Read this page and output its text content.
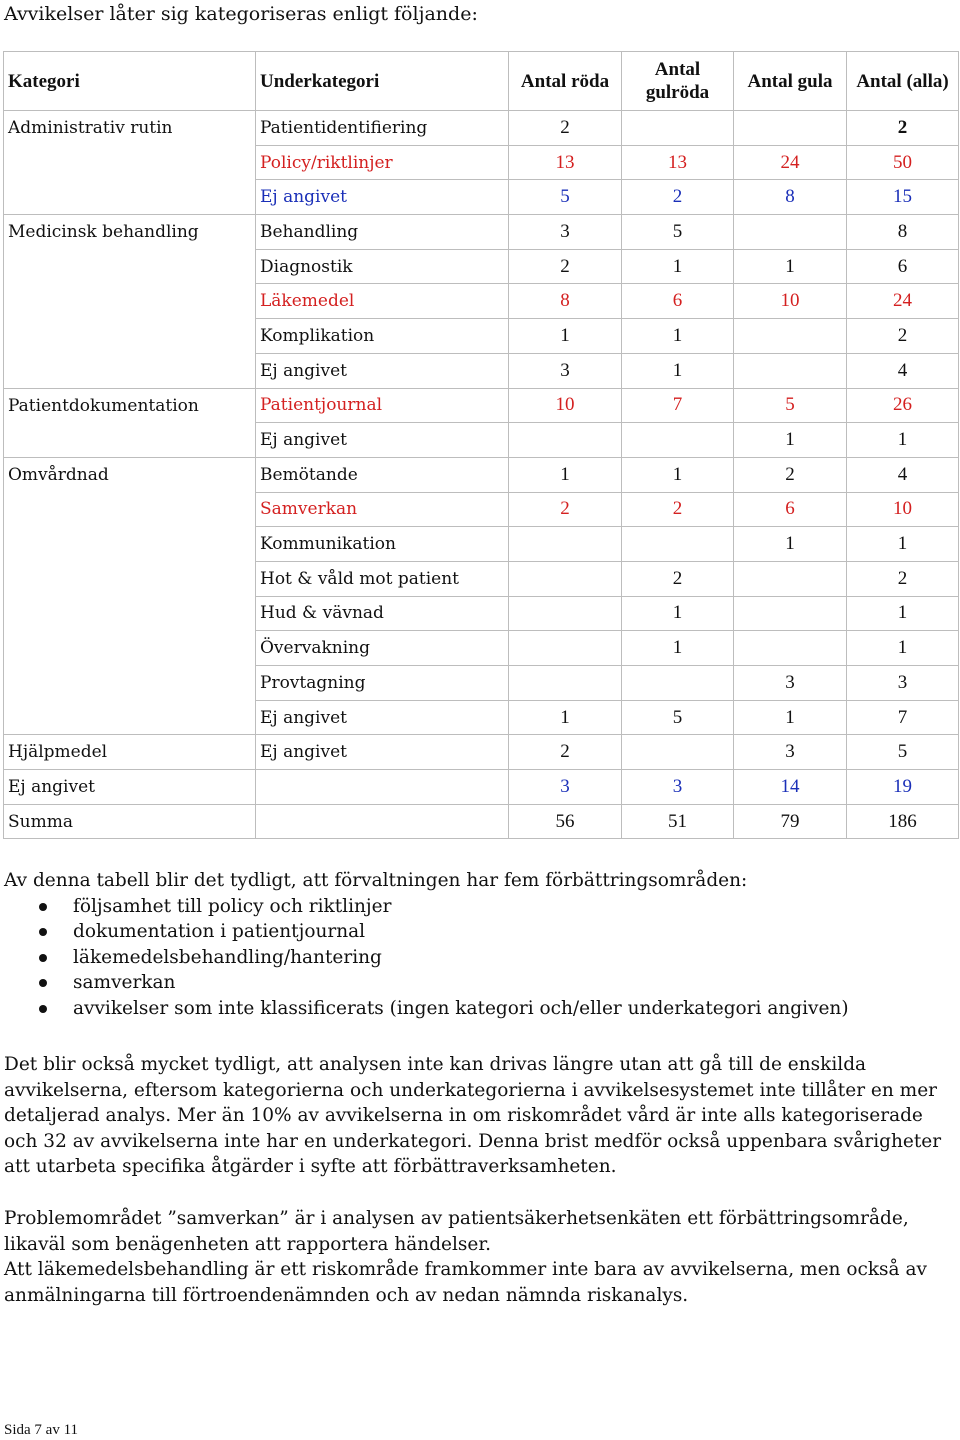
Avvikelser låter sig kategoriseras enligt följande:
Kategori	Underkategori	Antal röda	Antal gulröda	Antal gula	Antal (alla)
Administrativ rutin	Patientidentifiering	2			2
	Policy/riktlinjer	13	13	24	50
	Ej angivet	5	2	8	15
Medicinsk behandling	Behandling	3	5		8
	Diagnostik	2	1	1	6
	Läkemedel	8	6	10	24
	Komplikation	1	1		2
	Ej angivet	3	1		4
Patientdokumentation	Patientjournal	10	7	5	26
	Ej angivet			1	1
Omvårdnad	Bemötande	1	1	2	4
	Samverkan	2	2	6	10
	Kommunikation			1	1
	Hot & våld mot patient		2		2
	Hud & vävnad		1		1
	Övervakning		1		1
	Provtagning			3	3
	Ej angivet	1	5	1	7
Hjälpmedel	Ej angivet	2		3	5
Ej angivet		3	3	14	19
Summa		56	51	79	186

Av denna tabell blir det tydligt, att förvaltningen har fem förbättringsområden:

följsamhet till policy och riktlinjer
dokumentation i patientjournal
läkemedelsbehandling/hantering
samverkan
avvikelser som inte klassificerats (ingen kategori och/eller underkategori angiven)

Det blir också mycket tydligt, att analysen inte kan drivas längre utan att gå till de enskilda avvikelserna, eftersom kategorierna och underkategorierna i avvikelsesystemet inte tillåter en mer detaljerad analys. Mer än 10% av avvikelserna in om riskområdet vård är inte alls kategoriserade och 32 av avvikelserna inte har en underkategori. Denna brist medför också uppenbara svårigheter att utarbeta specifika åtgärder i syfte att förbättraverksamheten.

Problemområdet ”samverkan” är i analysen av patientsäkerhetsenkäten ett förbättringsområde, likaväl som benägenheten att rapportera händelser.

Att läkemedelsbehandling är ett riskområde framkommer inte bara av avvikelserna, men också av anmälningarna till förtroendenämnden och av nedan nämnda riskanalys.

Sida 7 av 11
